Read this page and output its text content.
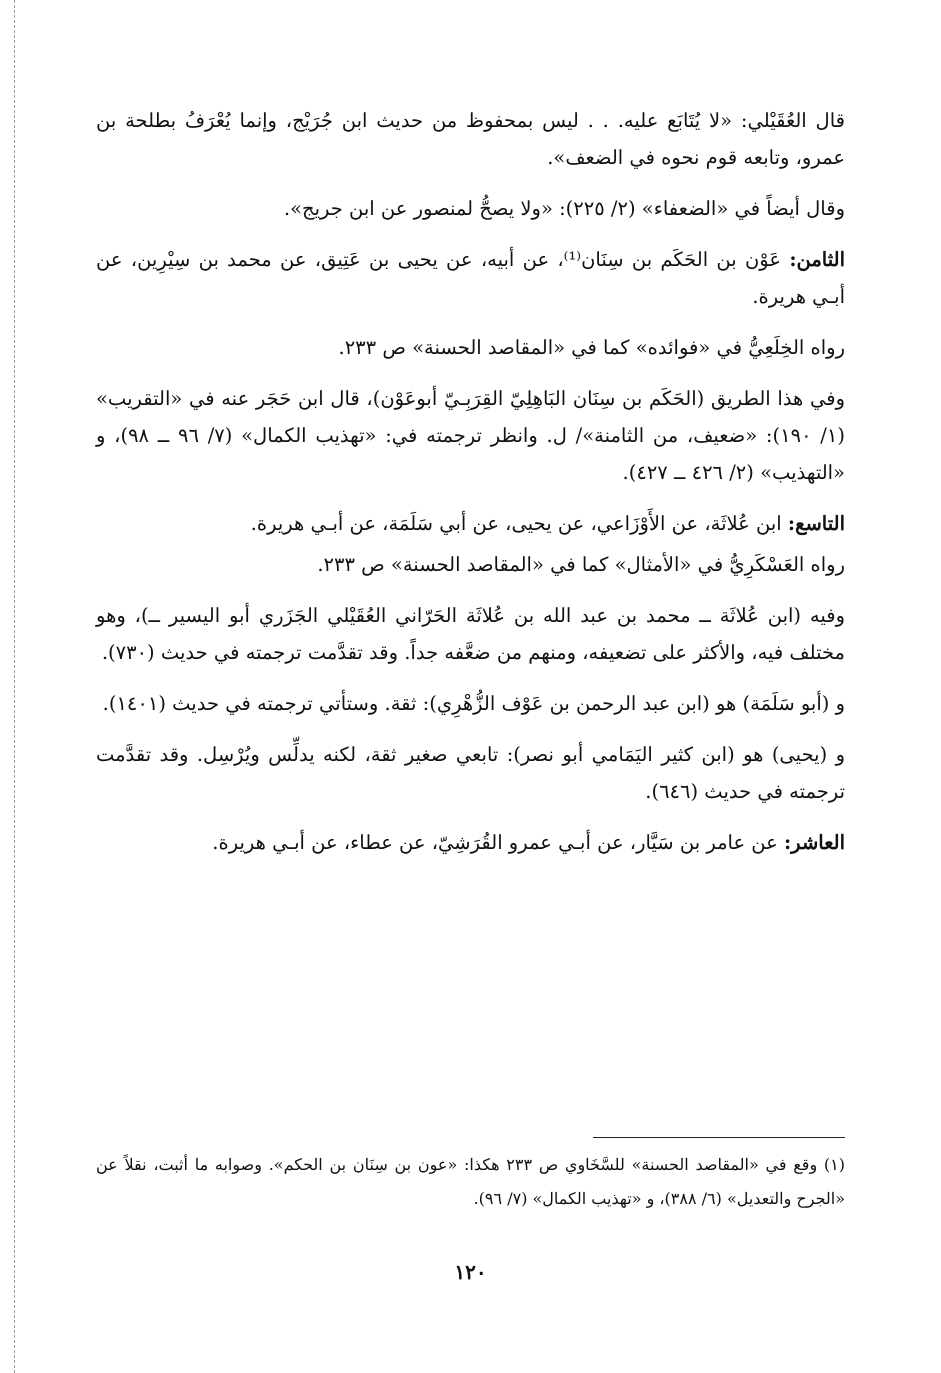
قال العُقَيْلي: «لا يُتَابَع عليه. . . ليس بمحفوظ من حديث ابن جُرَيْج، وإنما يُعْرَفُ بطلحة بن عمرو، وتابعه قوم نحوه في الضعف».

وقال أيضاً في «الضعفاء» (٢/ ٢٢٥): «ولا يصحُّ لمنصور عن ابن جريج».

الثامن: عَوْن بن الحَكَم بن سِنَان⁽¹⁾، عن أبيه، عن يحيى بن عَتِيق، عن محمد بن سِيْرِين، عن أبـي هريرة.

رواه الخِلَعِيُّ في «فوائده» كما في «المقاصد الحسنة» ص ٢٣٣.

وفي هذا الطريق (الحَكَم بن سِنَان البَاهِلِيّ القِرَبِـيّ أبوعَوْن)، قال ابن حَجَر عنه في «التقريب» (١/ ١٩٠): «ضعيف، من الثامنة»/ ل. وانظر ترجمته في: «تهذيب الكمال» (٧/ ٩٦ ــ ٩٨)، و «التهذيب» (٢/ ٤٢٦ ــ ٤٢٧).

التاسع: ابن عُلاثَة، عن الأَوْزَاعي، عن يحيى، عن أبي سَلَمَة، عن أبـي هريرة.

رواه العَسْكَرِيُّ في «الأمثال» كما في «المقاصد الحسنة» ص ٢٣٣.

وفيه (ابن عُلاثَة ــ محمد بن عبد الله بن عُلاثَة الحَرّاني العُقَيْلي الجَزَري أبو اليسير ــ)، وهو مختلف فيه، والأكثر على تضعيفه، ومنهم من ضعَّفه جداً. وقد تقدَّمت ترجمته في حديث (٧٣٠).

و (أبو سَلَمَة) هو (ابن عبد الرحمن بن عَوْف الزُّهْرِي): ثقة. وستأتي ترجمته في حديث (١٤٠١).

و (يحيى) هو (ابن كثير اليَمَامي أبو نصر): تابعي صغير ثقة، لكنه يدلِّس ويُرْسِل. وقد تقدَّمت ترجمته في حديث (٦٤٦).

العاشر: عن عامر بن سَيَّار، عن أبـي عمرو القُرَشِيّ، عن عطاء، عن أبـي هريرة.

(١) وقع في «المقاصد الحسنة» للسَّخَاوي ص ٢٣٣ هكذا: «عون بن سِنَان بن الحكم». وصوابه ما أثبت، نقلاً عن «الجرح والتعديل» (٦/ ٣٨٨)، و «تهذيب الكمال» (٧/ ٩٦).

١٢٠
